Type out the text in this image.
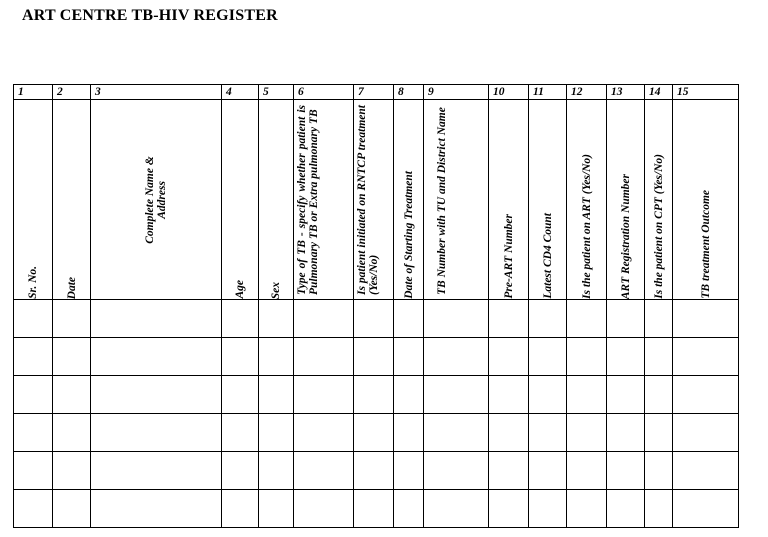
ART CENTRE TB-HIV REGISTER
1	2	3	4	5	6	7	8	9	10	11	12	13	14	15

Sr. No.	Date	Complete Name & Address	Age	Sex	Type of TB - specify whether patient is Pulmonary TB or Extra pulmonary TB	Is patient initiated on RNTCP treatment (Yes/No)	Date of Starting Treatment	TB Number with TU and District Name	Pre-ART Number	Latest CD4 Count	Is the patient on ART (Yes/No)	ART Registration Number	Is the patient on CPT (Yes/No)	TB treatment Outcome
